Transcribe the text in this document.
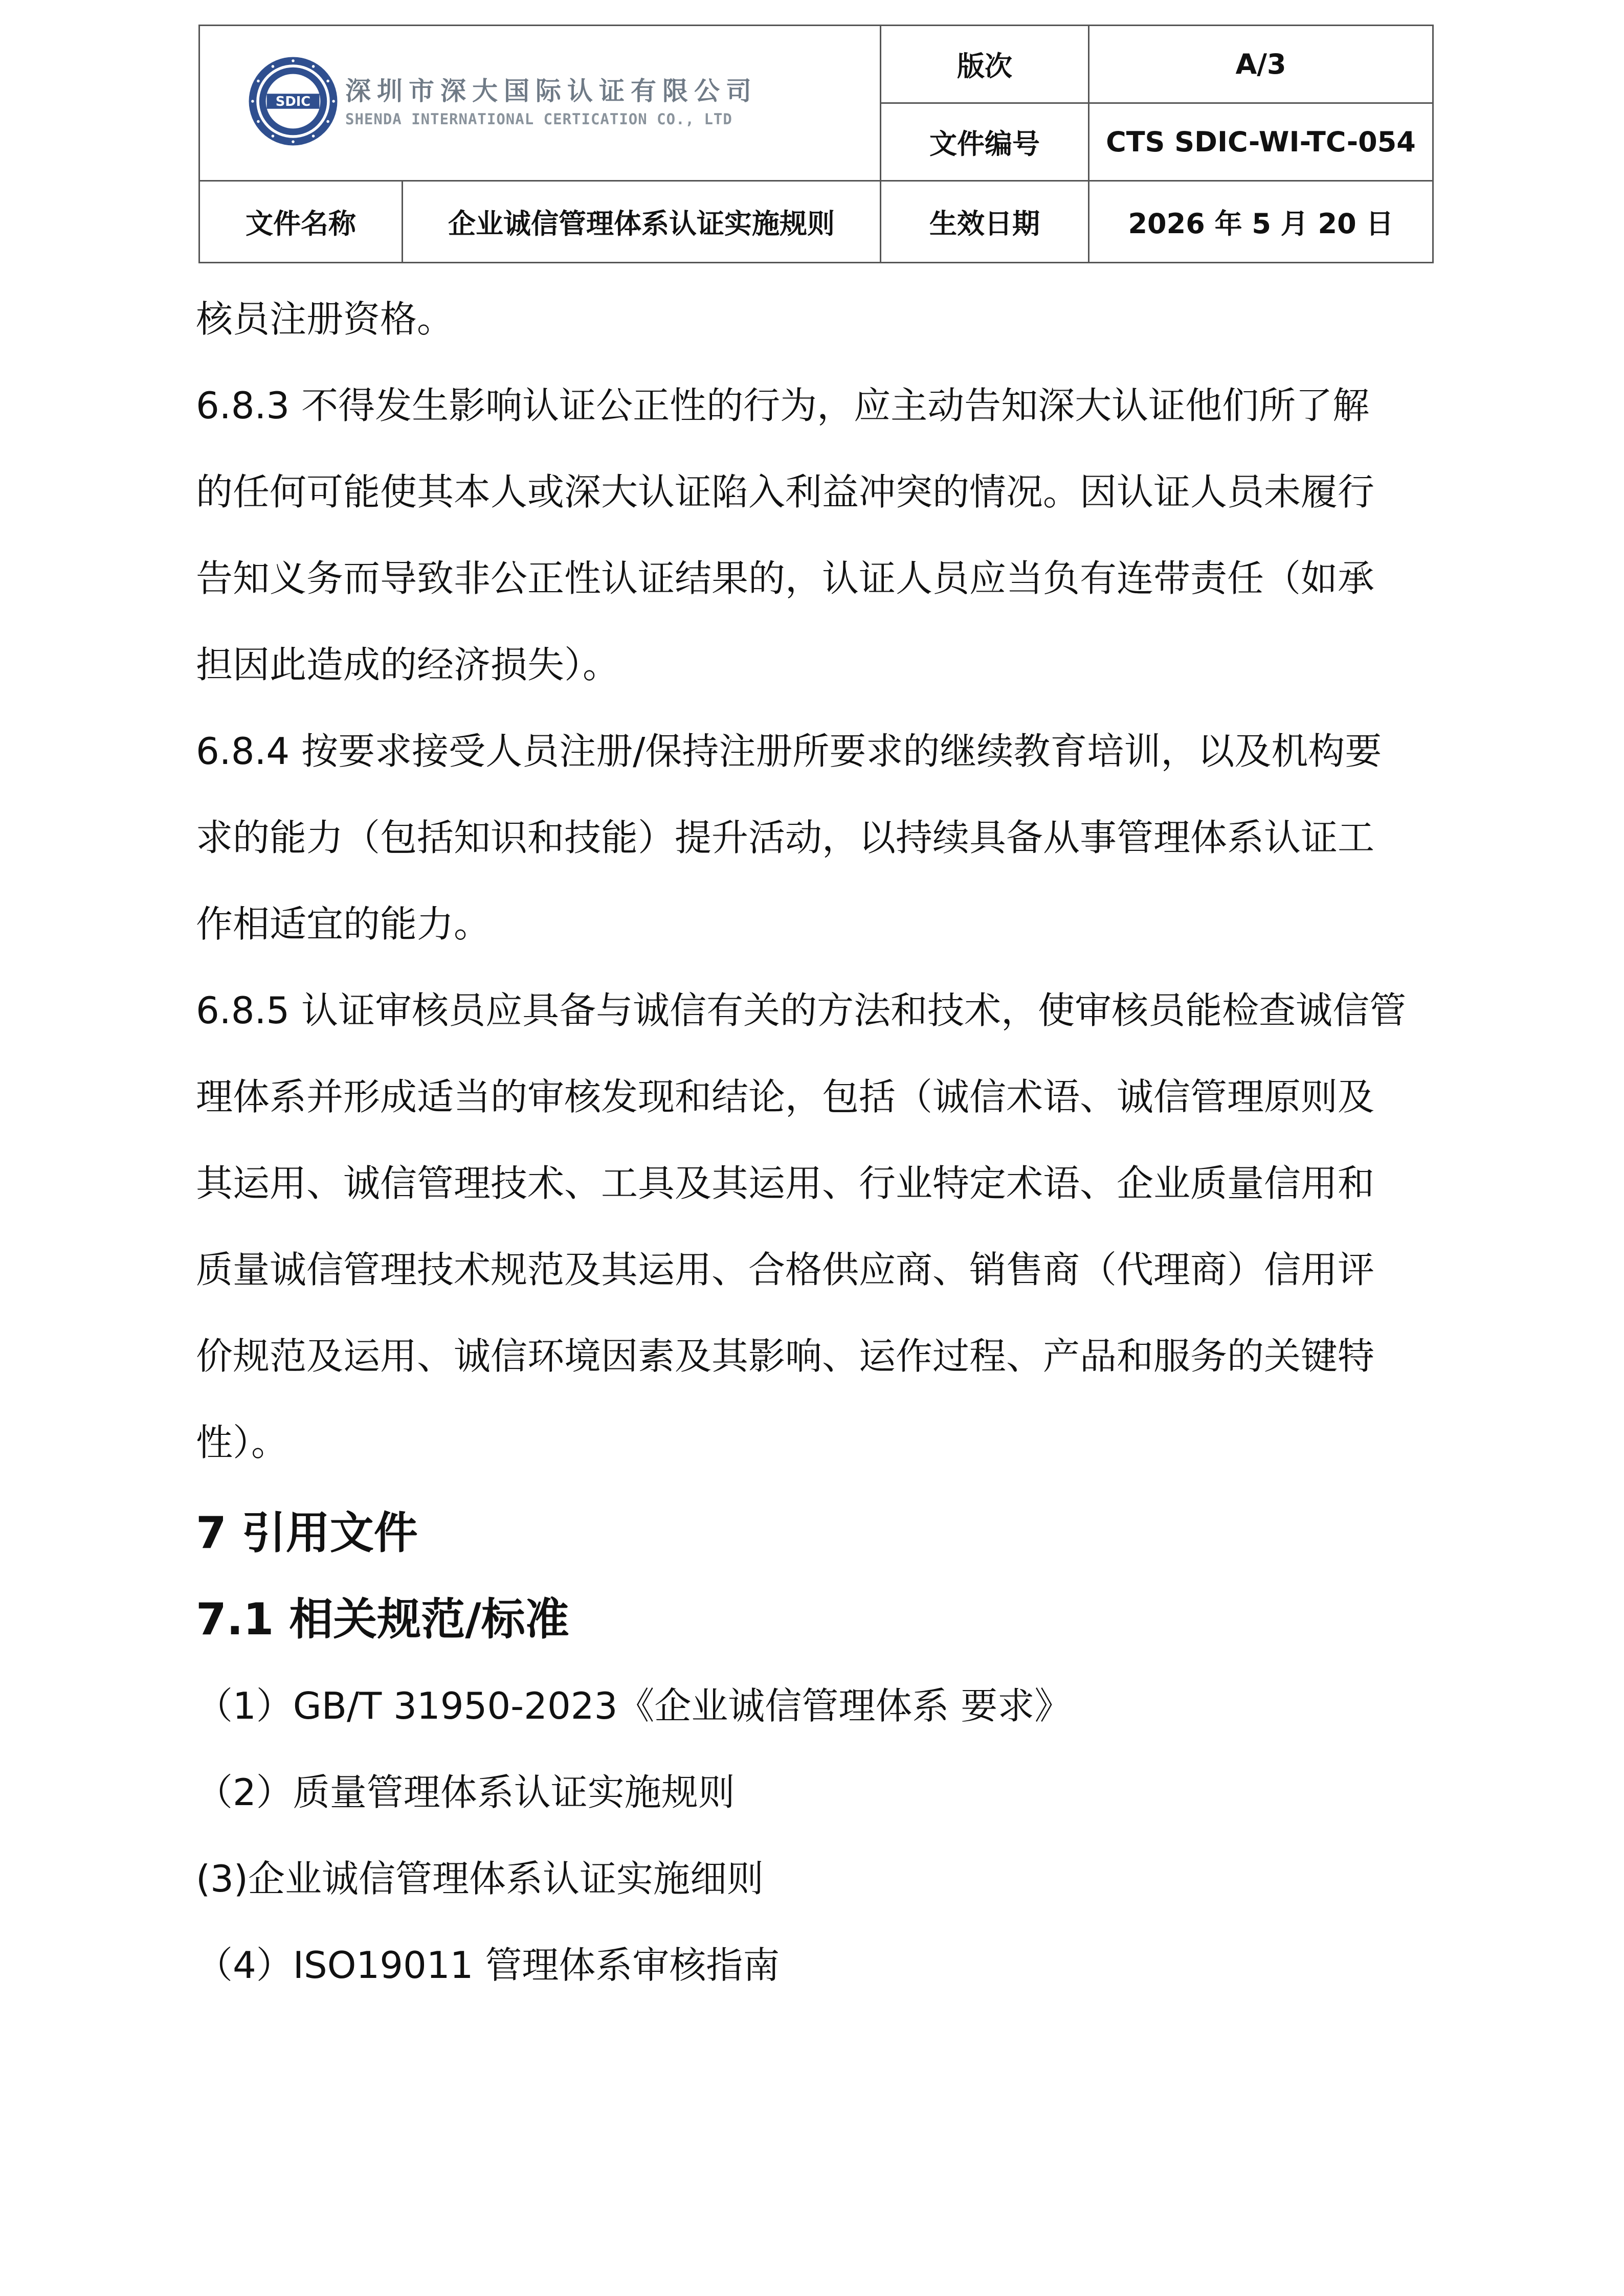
SDIC 深圳市深大国际认证有限公司
SHENDA INTERNATIONAL CERTICATION CO., LTD		版次	A/3
		文件编号	CTS SDIC-WI-TC-054
文件名称	企业诚信管理体系认证实施规则	生效日期	2026 年 5 月 20 日
核员注册资格。
6.8.3 不得发生影响认证公正性的行为，应主动告知深大认证他们所了解
的任何可能使其本人或深大认证陷入利益冲突的情况。因认证人员未履行
告知义务而导致非公正性认证结果的，认证人员应当负有连带责任（如承
担因此造成的经济损失）。
6.8.4 按要求接受人员注册/保持注册所要求的继续教育培训，以及机构要
求的能力（包括知识和技能）提升活动，以持续具备从事管理体系认证工
作相适宜的能力。
6.8.5 认证审核员应具备与诚信有关的方法和技术，使审核员能检查诚信管
理体系并形成适当的审核发现和结论，包括（诚信术语、诚信管理原则及
其运用、诚信管理技术、工具及其运用、行业特定术语、企业质量信用和
质量诚信管理技术规范及其运用、合格供应商、销售商（代理商）信用评
价规范及运用、诚信环境因素及其影响、运作过程、产品和服务的关键特
性）。
7 引用文件
7.1 相关规范/标准

（1）GB/T 31950-2023《企业诚信管理体系 要求》

（2）质量管理体系认证实施规则

(3)企业诚信管理体系认证实施细则

（4）ISO19011 管理体系审核指南
